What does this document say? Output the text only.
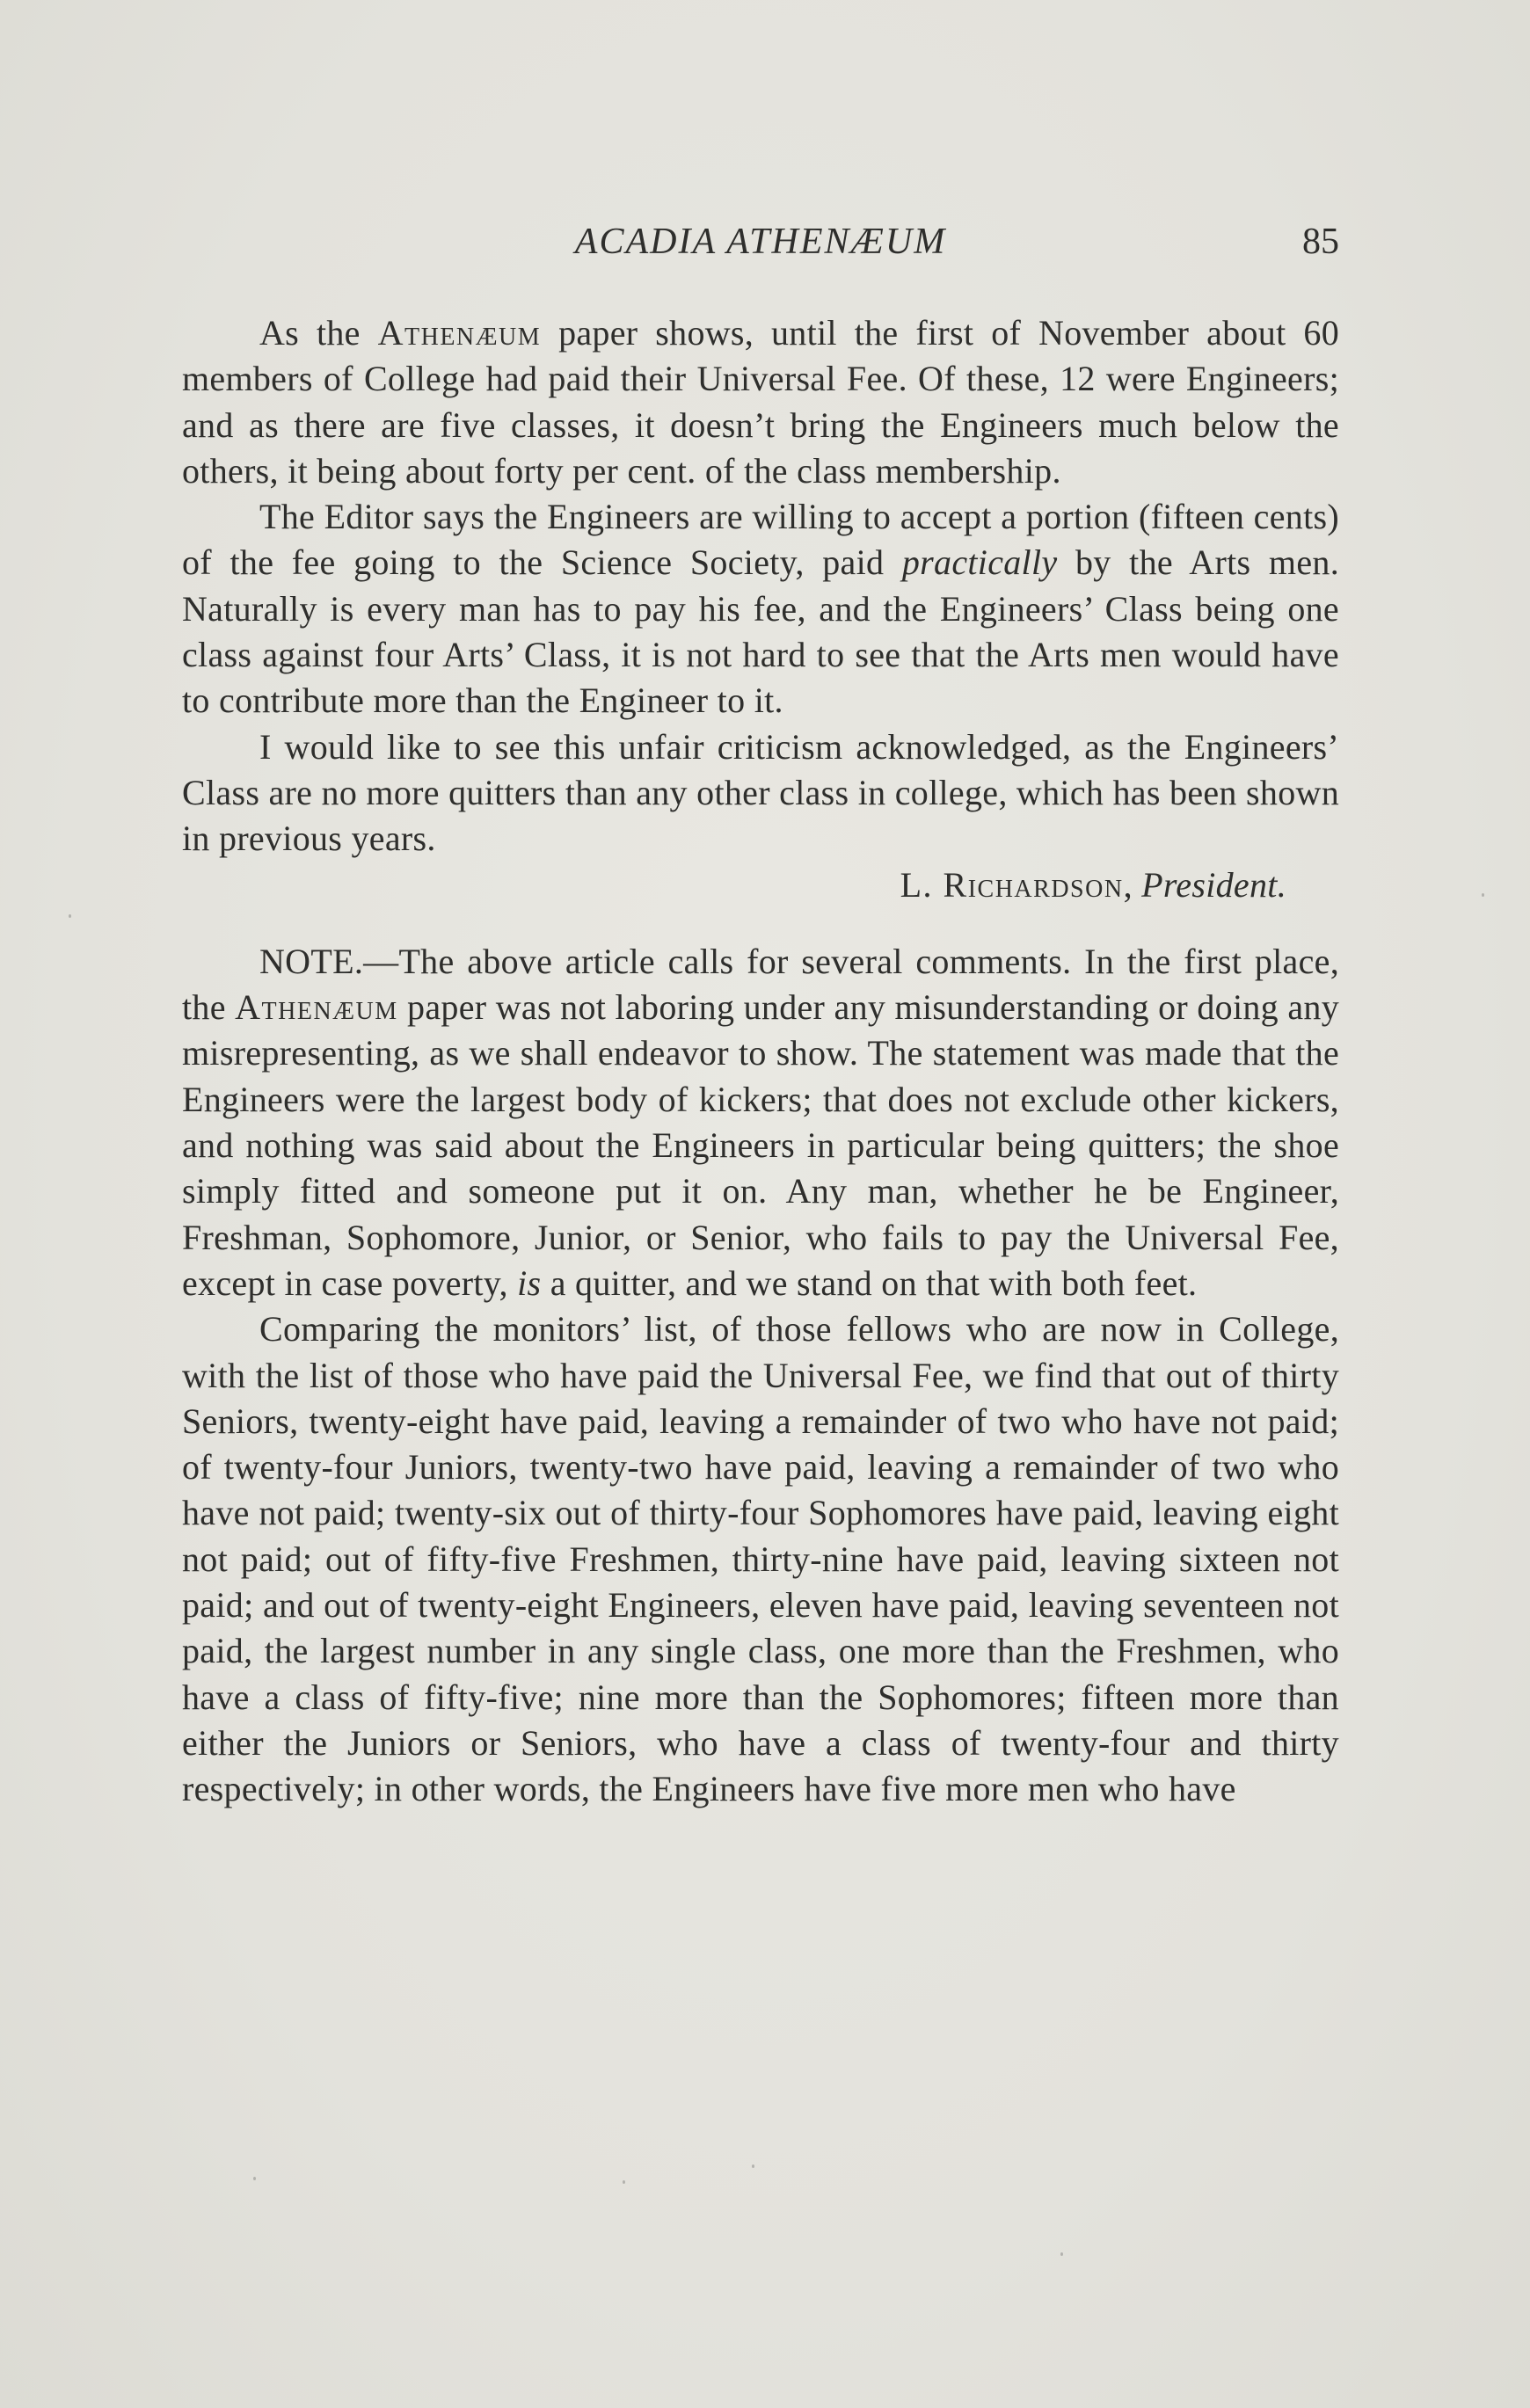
ACADIA ATHENÆUM	85

As the Athenæum paper shows, until the first of November about 60 members of College had paid their Universal Fee. Of these, 12 were Engineers; and as there are five classes, it doesn’t bring the Engineers much below the others, it being about forty per cent. of the class membership.

The Editor says the Engineers are willing to accept a portion (fifteen cents) of the fee going to the Science Society, paid practically by the Arts men. Naturally is every man has to pay his fee, and the Engineers’ Class being one class against four Arts’ Class, it is not hard to see that the Arts men would have to contribute more than the Engineer to it.

I would like to see this unfair criticism acknowledged, as the Engineers’ Class are no more quitters than any other class in college, which has been shown in previous years.

L. Richardson, President.

NOTE.—The above article calls for several comments. In the first place, the Athenæum paper was not laboring under any misunderstanding or doing any misrepresenting, as we shall endeavor to show. The statement was made that the Engineers were the largest body of kickers; that does not exclude other kickers, and nothing was said about the Engineers in particular being quitters; the shoe simply fitted and someone put it on. Any man, whether he be Engineer, Freshman, Sophomore, Junior, or Senior, who fails to pay the Universal Fee, except in case poverty, is a quitter, and we stand on that with both feet.

Comparing the monitors’ list, of those fellows who are now in College, with the list of those who have paid the Universal Fee, we find that out of thirty Seniors, twenty-eight have paid, leaving a remainder of two who have not paid; of twenty-four Juniors, twenty-two have paid, leaving a remainder of two who have not paid; twenty-six out of thirty-four Sophomores have paid, leaving eight not paid; out of fifty-five Freshmen, thirty-nine have paid, leaving sixteen not paid; and out of twenty-eight Engineers, eleven have paid, leaving seventeen not paid, the largest number in any single class, one more than the Freshmen, who have a class of fifty-five; nine more than the Sophomores; fifteen more than either the Juniors or Seniors, who have a class of twenty-four and thirty respectively; in other words, the Engineers have five more men who have
